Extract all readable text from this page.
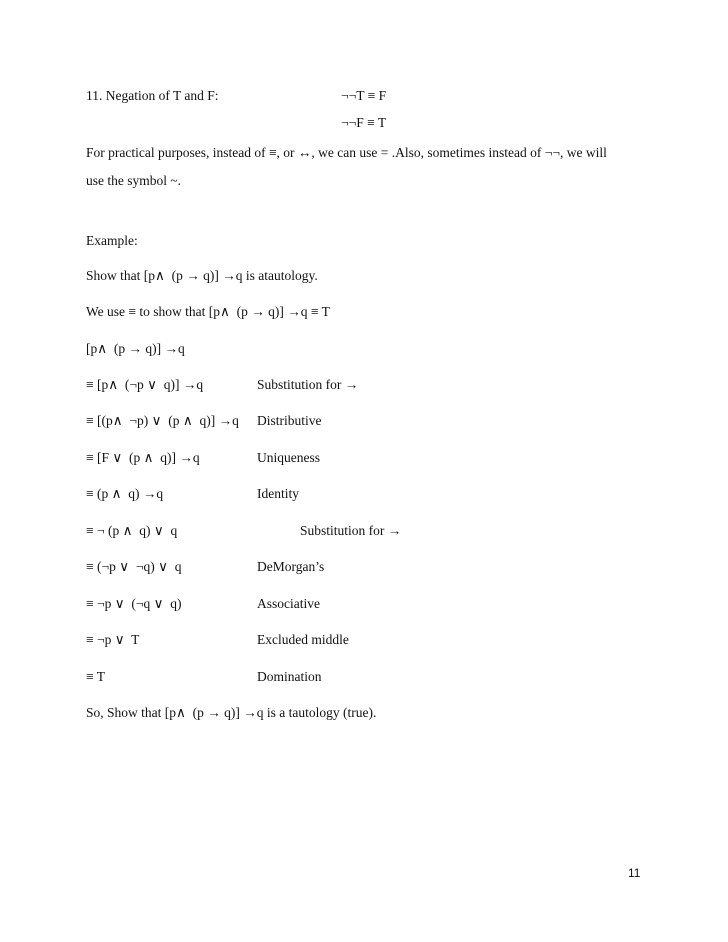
11. Negation of T and F:	¬¬T ≡ F
¬¬F ≡ T
For practical purposes, instead of ≡, or ↔, we can use = .Also, sometimes instead of ¬¬, we will
use the symbol ~.
Example:
Show that [p∧  (p → q)] →q is atautology.
We use ≡ to show that [p∧  (p → q)] →q ≡ T
[p∧  (p → q)] →q
≡ [p∧  (¬p ∨  q)] →q	Substitution for →
≡ [(p∧  ¬p) ∨  (p ∧  q)] →q Distributive
≡ [F ∨  (p ∧  q)] →q	Uniqueness
≡ (p ∧  q) →q	Identity
≡ ¬ (p ∧  q) ∨  q	Substitution for →
≡ (¬p ∨  ¬q) ∨  q	DeMorgan’s
≡ ¬p ∨  (¬q ∨  q)	Associative
≡ ¬p ∨  T	Excluded middle
≡ T	Domination
So, Show that [p∧  (p → q)] →q is a tautology (true).
11
